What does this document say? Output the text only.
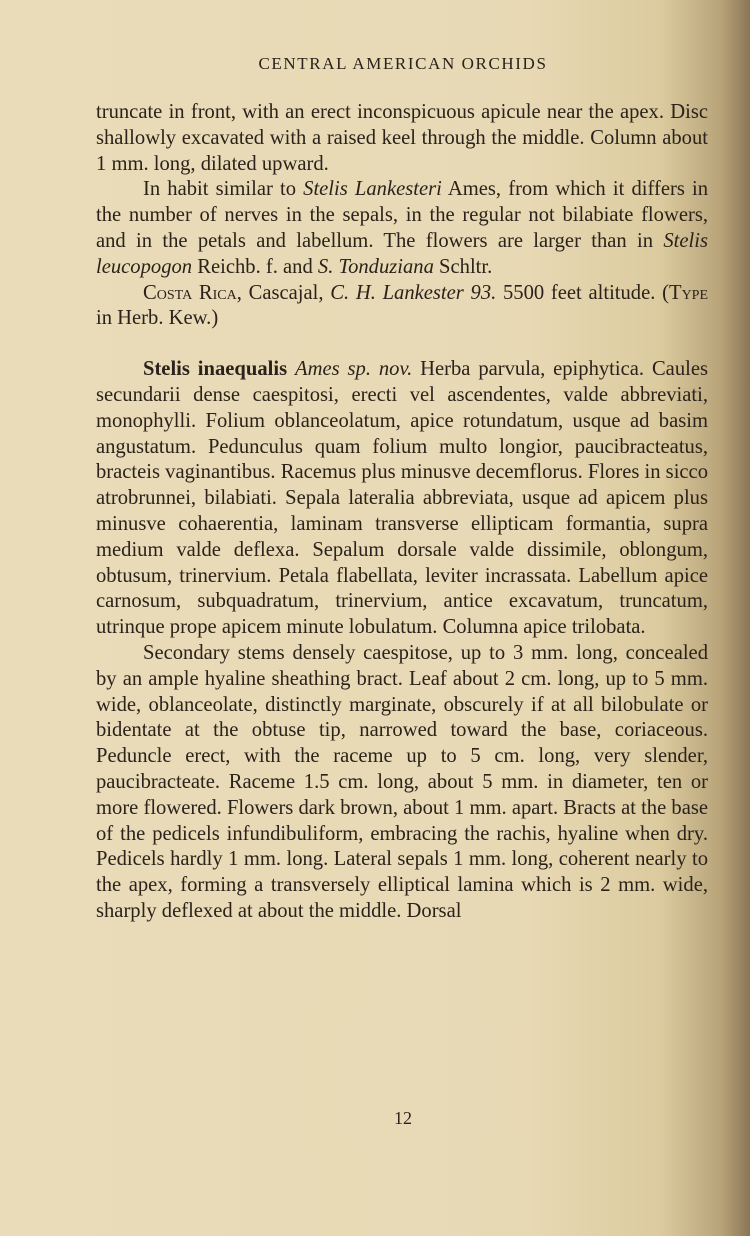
CENTRAL AMERICAN ORCHIDS

truncate in front, with an erect inconspicuous apicule near the apex. Disc shallowly excavated with a raised keel through the middle. Column about 1 mm. long, dilated upward.

In habit similar to Stelis Lankesteri Ames, from which it differs in the number of nerves in the sepals, in the regular not bilabiate flowers, and in the petals and labellum. The flowers are larger than in Stelis leucopogon Reichb. f. and S. Tonduziana Schltr.

Costa Rica, Cascajal, C. H. Lankester 93. 5500 feet altitude. (Type in Herb. Kew.)

Stelis inaequalis Ames sp. nov. Herba parvula, epiphytica. Caules secundarii dense caespitosi, erecti vel ascendentes, valde abbreviati, monophylli. Folium oblanceolatum, apice rotundatum, usque ad basim angustatum. Pedunculus quam folium multo longior, paucibracteatus, bracteis vaginantibus. Racemus plus minusve decemflorus. Flores in sicco atrobrunnei, bilabiati. Sepala lateralia abbreviata, usque ad apicem plus minusve cohaerentia, laminam transverse ellipticam formantia, supra medium valde deflexa. Sepalum dorsale valde dissimile, oblongum, obtusum, trinervium. Petala flabellata, leviter incrassata. Labellum apice carnosum, subquadratum, trinervium, antice excavatum, truncatum, utrinque prope apicem minute lobulatum. Columna apice trilobata.

Secondary stems densely caespitose, up to 3 mm. long, concealed by an ample hyaline sheathing bract. Leaf about 2 cm. long, up to 5 mm. wide, oblanceolate, distinctly marginate, obscurely if at all bilobulate or bidentate at the obtuse tip, narrowed toward the base, coriaceous. Peduncle erect, with the raceme up to 5 cm. long, very slender, paucibracteate. Raceme 1.5 cm. long, about 5 mm. in diameter, ten or more flowered. Flowers dark brown, about 1 mm. apart. Bracts at the base of the pedicels infundibuliform, embracing the rachis, hyaline when dry. Pedicels hardly 1 mm. long. Lateral sepals 1 mm. long, coherent nearly to the apex, forming a transversely elliptical lamina which is 2 mm. wide, sharply deflexed at about the middle. Dorsal

12
